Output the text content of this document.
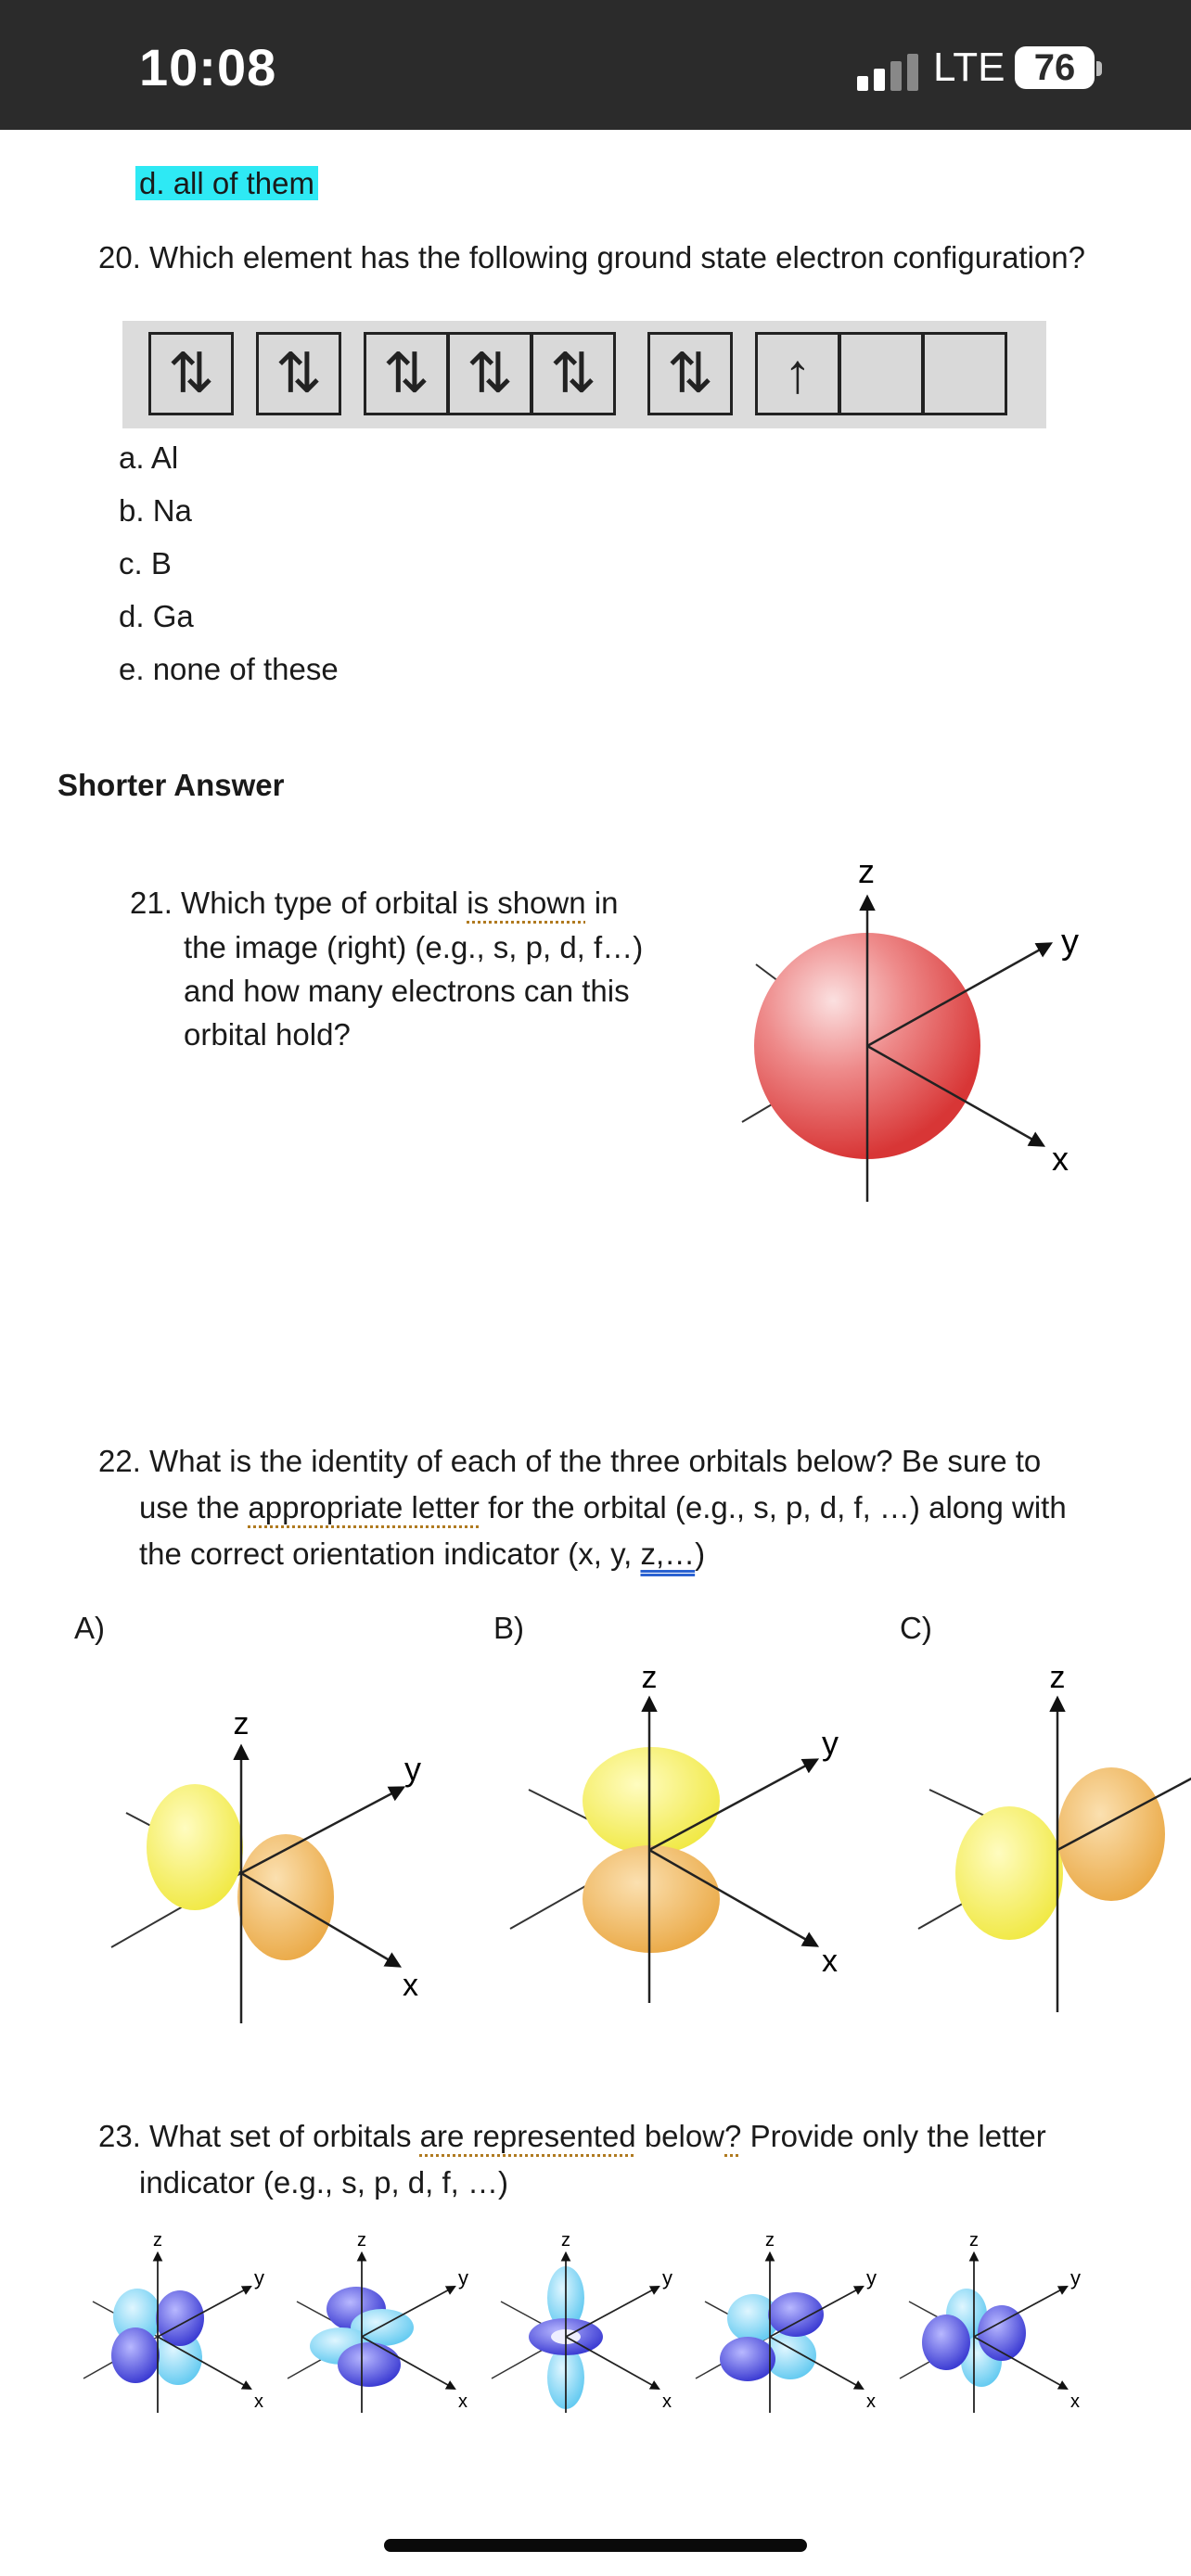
10:08	LTE 76
d. all of them
20. Which element has the following ground state electron configuration?
⇅	⇅	⇅ ⇅ ⇅	⇅	↑
a. Al
b. Na
c. B
d. Ga
e. none of these
Shorter Answer
21. Which type of orbital is shown in
the image (right) (e.g., s, p, d, f…)
and how many electrons can this
orbital hold?
z
y
x
22. What is the identity of each of the three orbitals below? Be sure to
use the appropriate letter for the orbital (e.g., s, p, d, f, …) along with
the correct orientation indicator (x, y, z,…)
A)	B)	C)
z
y
x
z
y
x
z
23. What set of orbitals are represented below? Provide only the letter
indicator (e.g., s, p, d, f, …)
z
y
x
z
y
x
z
y
x
z
y
x
z
y
x
